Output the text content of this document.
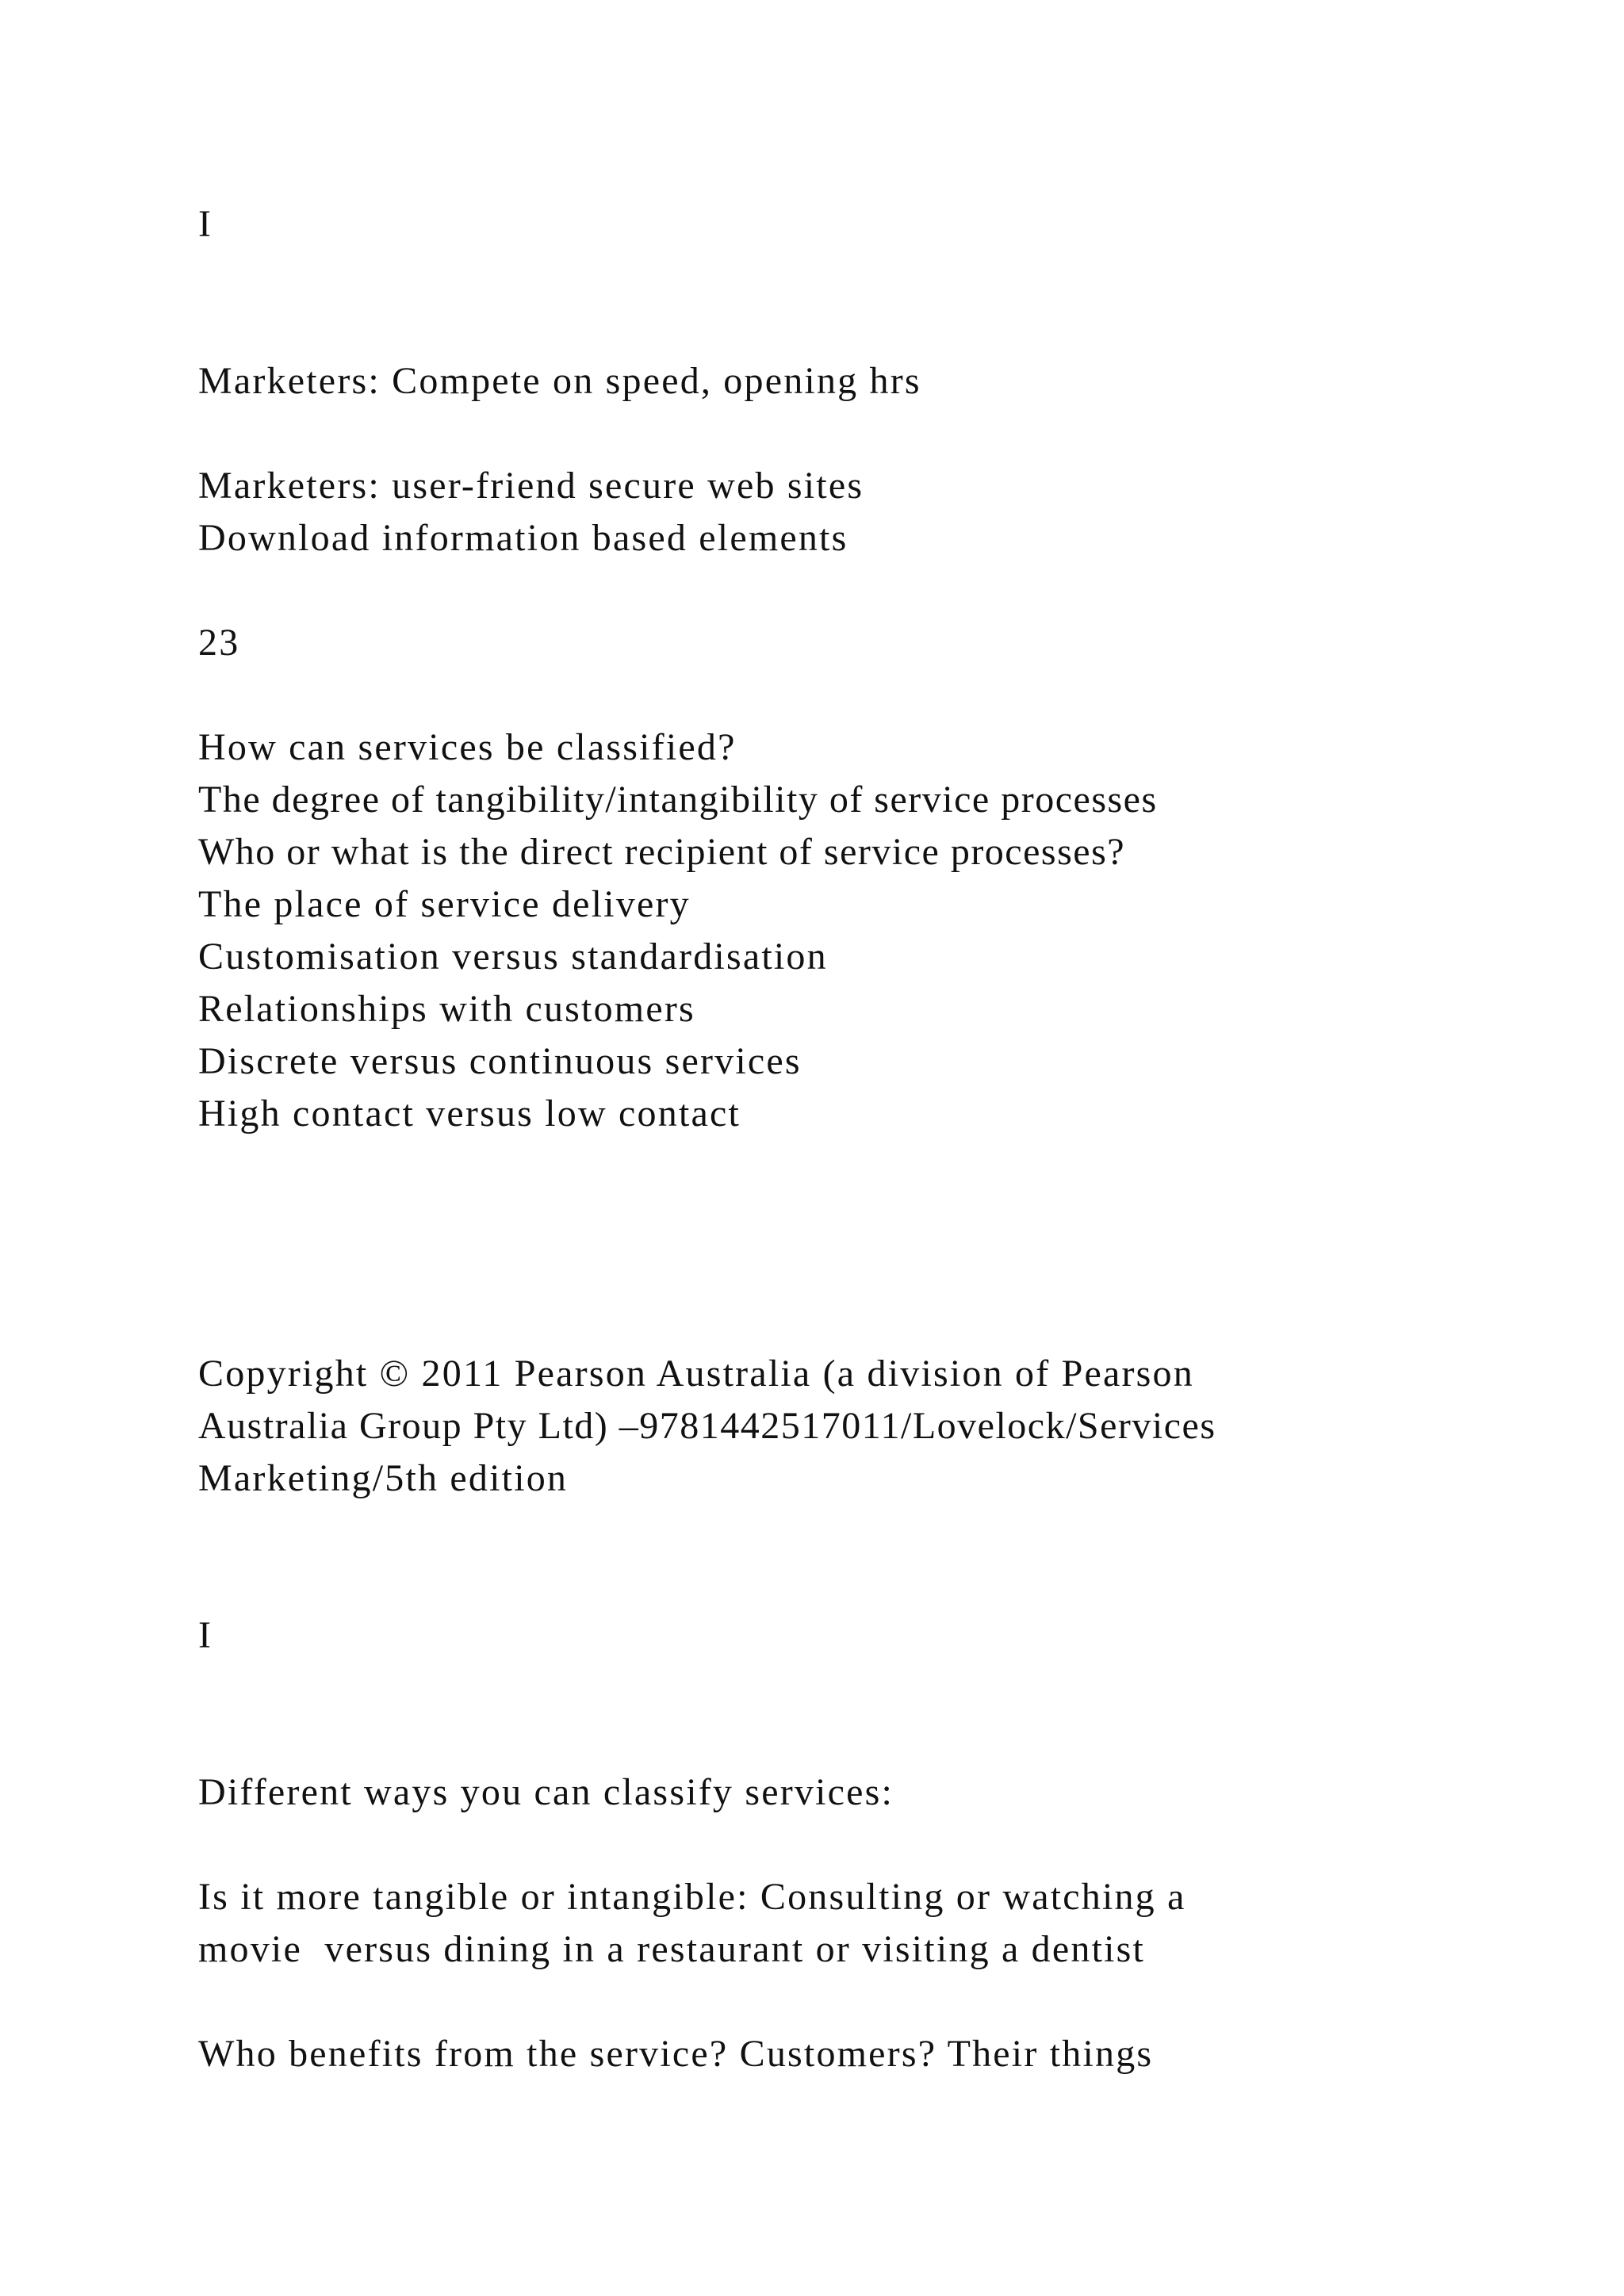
I

Marketers: Compete on speed, opening hrs

Marketers: user-friend secure web sites

Download information based elements

23

How can services be classified?

The degree of tangibility/intangibility of service processes

Who or what is the direct recipient of service processes?

The place of service delivery

Customisation versus standardisation

Relationships with customers

Discrete versus continuous services

High contact versus low contact

Copyright © 2011 Pearson Australia (a division of Pearson

Australia Group Pty Ltd) –9781442517011/Lovelock/Services

Marketing/5th edition

I

Different ways you can classify services:

Is it more tangible or intangible: Consulting or watching a

movie  versus dining in a restaurant or visiting a dentist

Who benefits from the service? Customers? Their things
